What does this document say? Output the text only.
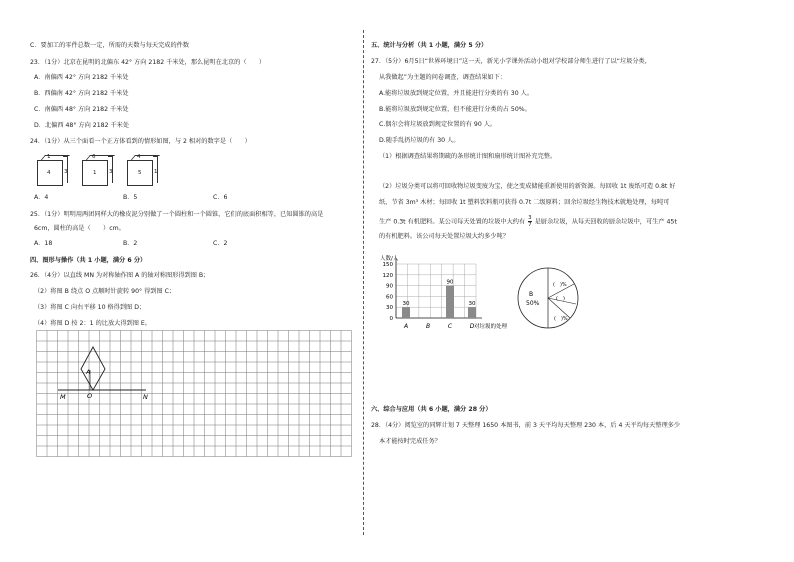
C．要加工的零件总数一定，所需的天数与每天完成的件数
23．（1分）北京在昆明的北偏东 42° 方向 2182 千米处，那么昆明在北京的（　　）
A．南偏西 42° 方向 2182 千米处
B．西偏南 42° 方向 2182 千米处
C．南偏西 48° 方向 2182 千米处
D．北偏西 48° 方向 2182 千米处
24．（1分）从三个面看一个正方体看到的情形如图，与 2 相对的数字是（　　）
1
4 3
6
1 3
4
5 1
A．4	B．5	C．6
25．（1分）明明用两团同样大的橡皮泥分别做了一个圆柱和一个圆锥，它们的底面积相等，已知圆锥的高是
6cm，圆柱的高是（　　）cm。
A．18	B．2	C．2
四、图形与操作（共 1 小题，满分 6 分）
26．（4分）以直线 MN 为对称轴作图 A 的轴对称图形得到图 B；
（2）将图 B 绕点 O 点顺时针旋转 90° 得到图 C；
（3）将图 C 向右平移 10 格得到图 D；
（4）将图 D 按 2：1 的比放大得到图 E。
A
O
M	N
五、统计与分析（共 1 小题，满分 5 分）
27．（5分）6月5日“世界环境日”这一天，新光小学课外活动小组对学校部分师生进行了以“垃圾分类，
从我做起”为主题的问卷调查，调查结果如下：
A.能将垃圾放到规定位置，并且能进行分类的有 30 人。
B.能将垃圾放到规定位置，但不能进行分类的占 50%。
C.偶尔会将垃圾放到规定位置的有 90 人。
D.随手乱扔垃圾的有 30 人。
（1）根据调查结果将期疏的条形统计图和扇形统计图补充完整。
（2）垃圾分类可以将可回收物垃圾变废为宝，使之变成储能重新使用的新资源。每回收 1t 废纸可造 0.8t 好
纸，节省 3m³ 木材；每回收 1t 塑料饮料瓶可获得 0.7t 二级原料；回余垃圾经生物技术就地处理，每吨可
生产 0.3t 有机肥料。某公司每天处置的垃圾中大约有 $\frac{3}{7}$ 是厨余垃圾，从每天回收的厨余垃圾中，可生产 45t
的有机肥料。该公司每天处置垃圾大约多少吨？
人数/人
0
30
60
90
120
150
30
90
30
A	B	C	D 对垃圾的处理
B
50%
(　)%
(　)
(　)%
六、综合与应用（共 6 小题，满分 28 分）
28．（4分）阅览室的同辉计划 7 天整理 1650 本图书，前 3 天平均每天整理 230 本，后 4 天平均每天整理多少
本才能按时完成任务？
